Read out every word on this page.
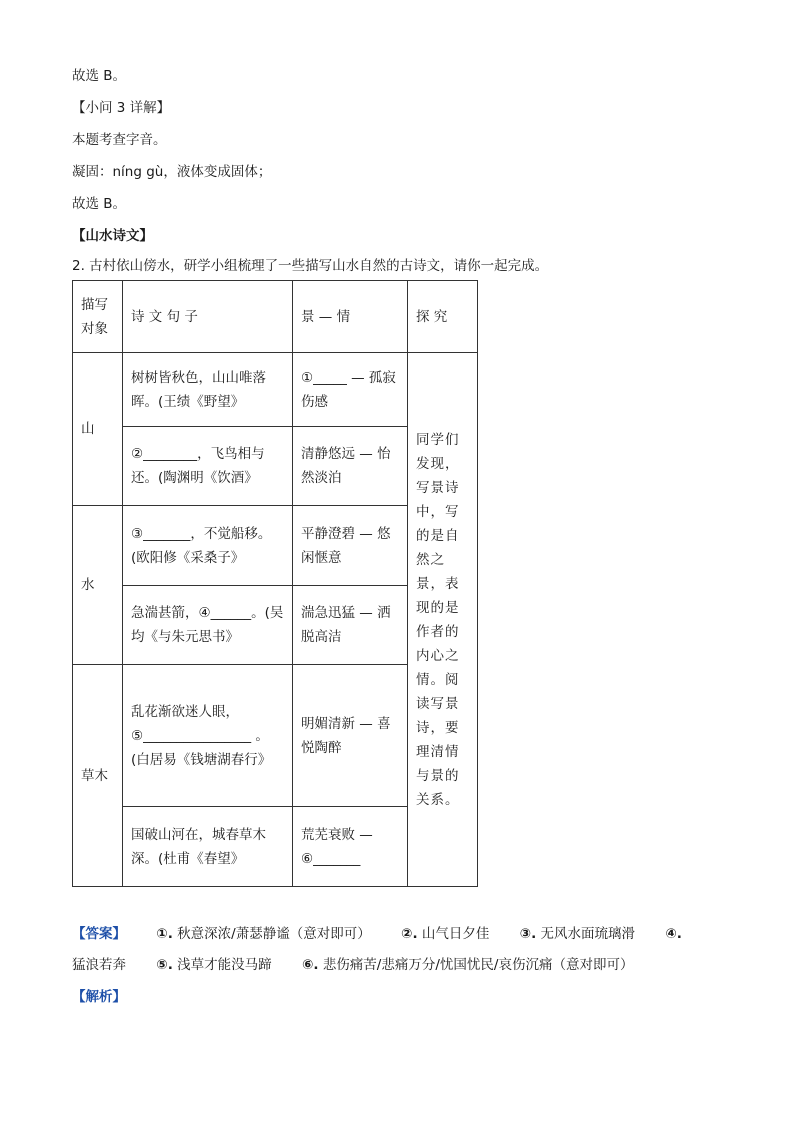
故选 B。
【小问 3 详解】
本题考查字音。
凝固：níng gù，液体变成固体；
故选 B。
【山水诗文】
2. 古村依山傍水，研学小组梳理了一些描写山水自然的古诗文，请你一起完成。
描写对象	诗 文 句 子	景 — 情	探 究
山	树树皆秋色，山山唯落晖。(王绩《野望》	①_____ — 孤寂伤感	同学们发现，写景诗中，写的是自然之景，表现的是作者的内心之情。阅读写景诗，要理清情与景的关系。
	②________，飞鸟相与还。(陶渊明《饮酒》	清静悠远 — 怡然淡泊	
水	③_______，不觉船移。(欧阳修《采桑子》	平静澄碧 — 悠闲惬意	
	急湍甚箭，④______。(吴均《与朱元思书》	湍急迅猛 — 洒脱高洁	
草木	乱花渐欲迷人眼，⑤________________ 。(白居易《钱塘湖春行》	明媚清新 — 喜悦陶醉	
	国破山河在，城春草木深。(杜甫《春望》	荒芜衰败 — ⑥_______	
【答案】 ①. 秋意深浓/萧瑟静谧（意对即可） ②. 山气日夕佳 ③. 无风水面琉璃滑 ④.
猛浪若奔 ⑤. 浅草才能没马蹄 ⑥. 悲伤痛苦/悲痛万分/忧国忧民/哀伤沉痛（意对即可）
【解析】
